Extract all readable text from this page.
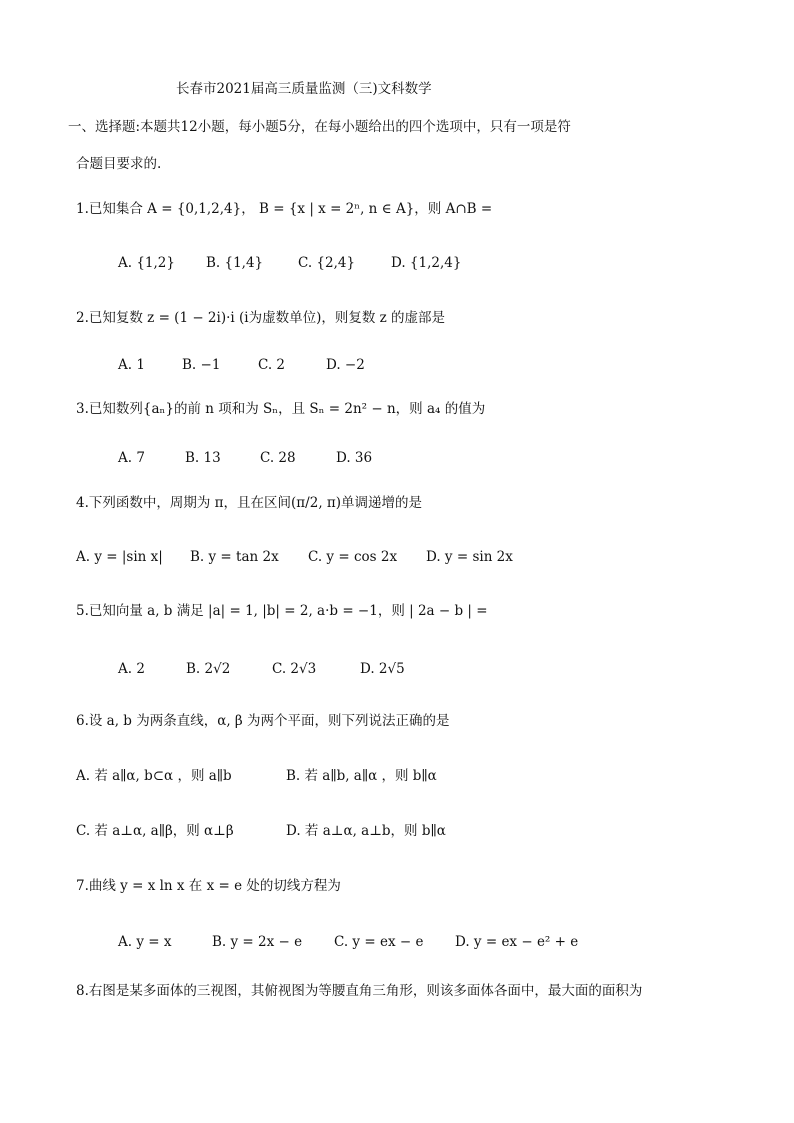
长春市2021届高三质量监测（三)文科数学
一、选择题:本题共12小题，每小题5分，在每小题给出的四个选项中，只有一项是符
合题目要求的.
1.已知集合 A = {0,1,2,4}， B = {x | x = 2ⁿ, n ∈ A}，则 A∩B =
A. {1,2} B. {1,4}	C. {2,4}	D. {1,2,4}
2.已知复数 z = (1 − 2i)·i (i为虚数单位)，则复数 z 的虚部是
A. 1	B. −1	C. 2	D. −2
3.已知数列{aₙ}的前 n 项和为 Sₙ，且 Sₙ = 2n² − n，则 a₄ 的值为
A. 7	B. 13	C. 28	D. 36
4.下列函数中，周期为 π，且在区间(π/2, π)单调递增的是
A. y = |sin x| B. y = tan 2x C. y = cos 2x D. y = sin 2x
5.已知向量 a, b 满足 |a| = 1, |b| = 2, a·b = −1，则 | 2a − b | =
A. 2	B. 2√2	C. 2√3	D. 2√5
6.设 a, b 为两条直线，α, β 为两个平面，则下列说法正确的是
A. 若 a∥α, b⊂α ，则 a∥b	B. 若 a∥b, a∥α ，则 b∥α
C. 若 a⊥α, a∥β，则 α⊥β	D. 若 a⊥α, a⊥b，则 b∥α
7.曲线 y = x ln x 在 x = e 处的切线方程为
A. y = x	B. y = 2x − e C. y = ex − e D. y = ex − e² + e
8.右图是某多面体的三视图，其俯视图为等腰直角三角形，则该多面体各面中，最大面的面积为
